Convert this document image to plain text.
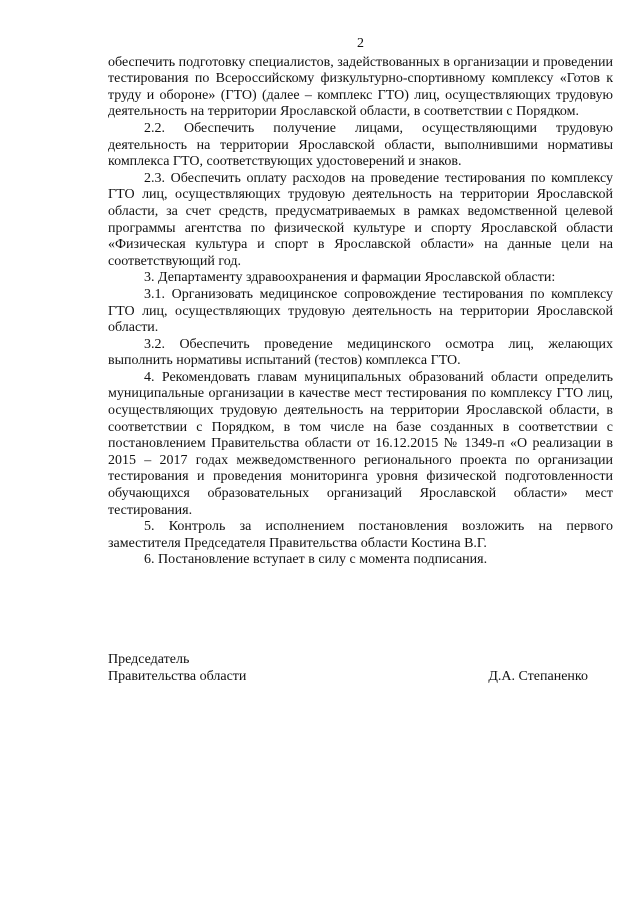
2

обеспечить подготовку специалистов, задействованных в организации и проведении тестирования по Всероссийскому физкультурно-спортивному комплексу «Готов к труду и обороне» (ГТО) (далее – комплекс ГТО) лиц, осуществляющих трудовую деятельность на территории Ярославской области, в соответствии с Порядком.

2.2. Обеспечить получение лицами, осуществляющими трудовую деятельность на территории Ярославской области, выполнившими нормативы комплекса ГТО, соответствующих удостоверений и знаков.

2.3. Обеспечить оплату расходов на проведение тестирования по комплексу ГТО лиц, осуществляющих трудовую деятельность на территории Ярославской области, за счет средств, предусматриваемых в рамках ведомственной целевой программы агентства по физической культуре и спорту Ярославской области «Физическая культура и спорт в Ярославской области» на данные цели на соответствующий год.

3. Департаменту здравоохранения и фармации Ярославской области:

3.1. Организовать медицинское сопровождение тестирования по комплексу ГТО лиц, осуществляющих трудовую деятельность на территории Ярославской области.

3.2. Обеспечить проведение медицинского осмотра лиц, желающих выполнить нормативы испытаний (тестов) комплекса ГТО.

4. Рекомендовать главам муниципальных образований области определить муниципальные организации в качестве мест тестирования по комплексу ГТО лиц, осуществляющих трудовую деятельность на территории Ярославской области, в соответствии с Порядком, в том числе на базе созданных в соответствии с постановлением Правительства области от 16.12.2015 № 1349-п «О реализации в 2015 – 2017 годах межведомственного регионального проекта по организации тестирования и проведения мониторинга уровня физической подготовленности обучающихся образовательных организаций Ярославской области» мест тестирования.

5. Контроль за исполнением постановления возложить на первого заместителя Председателя Правительства области Костина В.Г.

6. Постановление вступает в силу с момента подписания.

Председатель
Правительства области	Д.А. Степаненко
